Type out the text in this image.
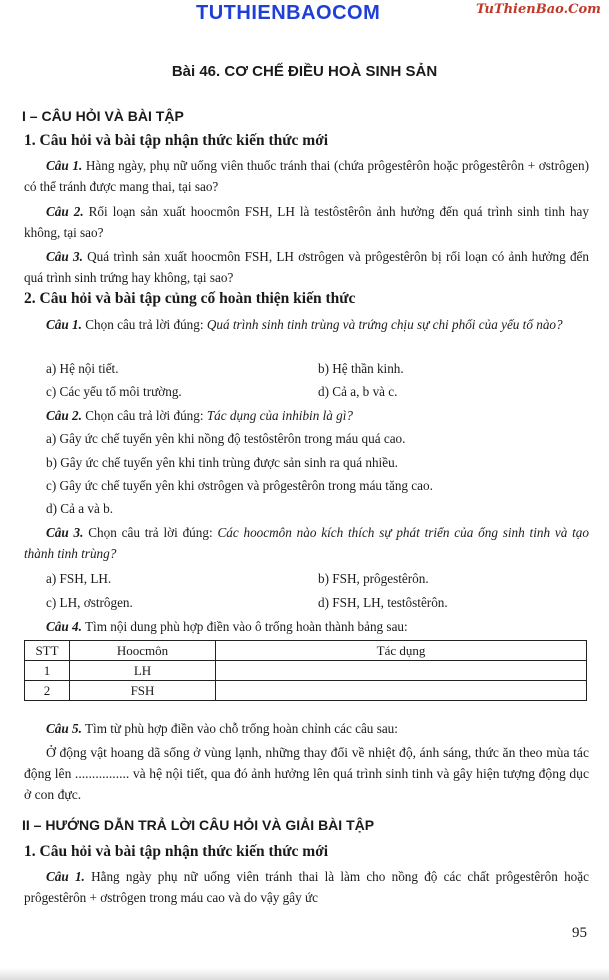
TUTHIENBAOCOM	TuThienBao.Com
Bài 46. CƠ CHẾ ĐIỀU HOÀ SINH SẢN
I – CÂU HỎI VÀ BÀI TẬP
1. Câu hỏi và bài tập nhận thức kiến thức mới
Câu 1. Hàng ngày, phụ nữ uống viên thuốc tránh thai (chứa prôgestêrôn hoặc prôgestêrôn + ơstrôgen) có thể tránh được mang thai, tại sao?
Câu 2. Rối loạn sản xuất hoocmôn FSH, LH là testôstêrôn ảnh hưởng đến quá trình sinh tinh hay không, tại sao?
Câu 3. Quá trình sản xuất hoocmôn FSH, LH ơstrôgen và prôgestêrôn bị rối loạn có ảnh hưởng đến quá trình sinh trứng hay không, tại sao?
2. Câu hỏi và bài tập củng cố hoàn thiện kiến thức
Câu 1. Chọn câu trả lời đúng: Quá trình sinh tinh trùng và trứng chịu sự chi phối của yếu tố nào?
a) Hệ nội tiết.	b) Hệ thần kinh.
c) Các yếu tố môi trường.	d) Cả a, b và c.
Câu 2. Chọn câu trả lời đúng: Tác dụng của inhibin là gì?
a) Gây ức chế tuyến yên khi nồng độ testôstêrôn trong máu quá cao.
b) Gây ức chế tuyến yên khi tinh trùng được sản sinh ra quá nhiều.
c) Gây ức chế tuyến yên khi ơstrôgen và prôgestêrôn trong máu tăng cao.
d) Cả a và b.
Câu 3. Chọn câu trả lời đúng: Các hoocmôn nào kích thích sự phát triển của ống sinh tinh và tạo thành tinh trùng?
a) FSH, LH.	b) FSH, prôgestêrôn.
c) LH, ơstrôgen.	d) FSH, LH, testôstêrôn.
Câu 4. Tìm nội dung phù hợp điền vào ô trống hoàn thành bảng sau:
STT	Hoocmôn	Tác dụng
1	LH	
2	FSH	
Câu 5. Tìm từ phù hợp điền vào chỗ trống hoàn chỉnh các câu sau:
Ở động vật hoang dã sống ở vùng lạnh, những thay đổi về nhiệt độ, ánh sáng, thức ăn theo mùa tác động lên ................ và hệ nội tiết, qua đó ảnh hưởng lên quá trình sinh tinh và gây hiện tượng động dục ở con đực.
II – HƯỚNG DẪN TRẢ LỜI CÂU HỎI VÀ GIẢI BÀI TẬP
1. Câu hỏi và bài tập nhận thức kiến thức mới
Câu 1. Hằng ngày phụ nữ uống viên tránh thai là làm cho nồng độ các chất prôgestêrôn hoặc prôgestêrôn + ơstrôgen trong máu cao và do vậy gây ức
95
